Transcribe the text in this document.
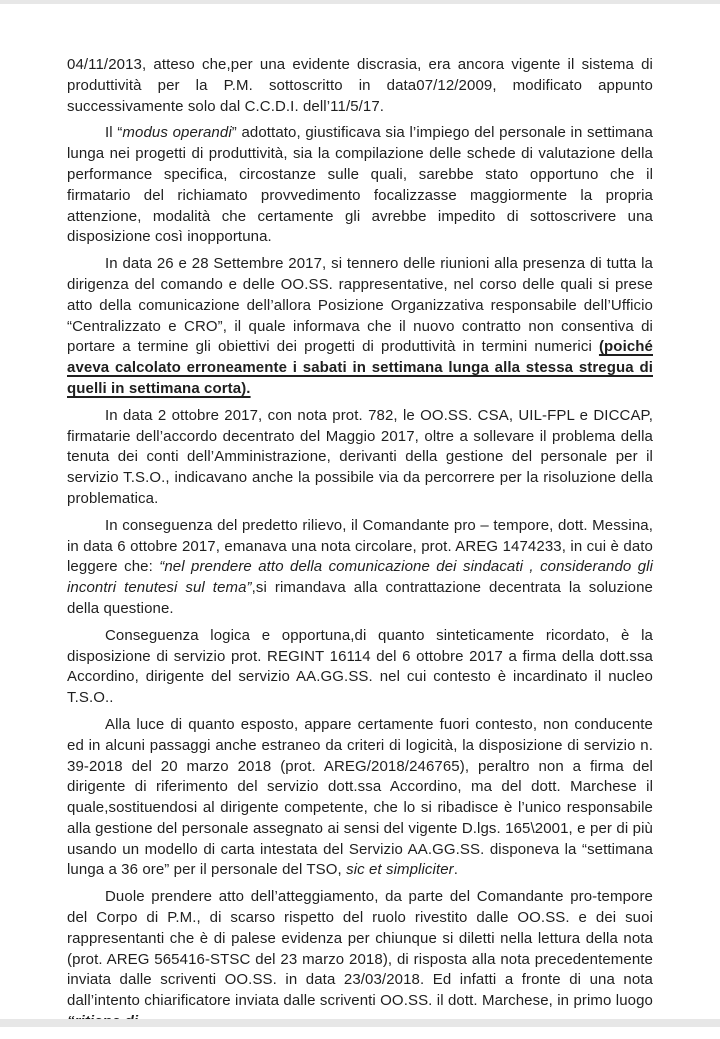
04/11/2013, atteso che,per una evidente discrasia, era ancora vigente il sistema di produttività per la P.M. sottoscritto in data07/12/2009, modificato appunto successivamente solo dal C.C.D.I. dell’11/5/17.

Il “modus operandi” adottato, giustificava sia l’impiego del personale in settimana lunga nei progetti di produttività, sia la compilazione delle schede di valutazione della performance specifica, circostanze sulle quali, sarebbe stato opportuno che il firmatario del richiamato provvedimento focalizzasse maggiormente la propria attenzione, modalità che certamente gli avrebbe impedito di sottoscrivere una disposizione così inopportuna.

In data 26 e 28 Settembre 2017, si tennero delle riunioni alla presenza di tutta la dirigenza del comando e delle OO.SS. rappresentative, nel corso delle quali si prese atto della comunicazione dell’allora Posizione Organizzativa responsabile dell’Ufficio “Centralizzato e CRO”, il quale informava che il nuovo contratto non consentiva di portare a termine gli obiettivi dei progetti di produttività in termini numerici (poiché aveva calcolato erroneamente i sabati in settimana lunga alla stessa stregua di quelli in settimana corta).

In data 2 ottobre 2017, con nota prot. 782, le OO.SS. CSA, UIL-FPL e DICCAP, firmatarie dell’accordo decentrato del Maggio 2017, oltre a sollevare il problema della tenuta dei conti dell’Amministrazione, derivanti della gestione del personale per il servizio T.S.O., indicavano anche la possibile via da percorrere per la risoluzione della problematica.

In conseguenza del predetto rilievo, il Comandante pro – tempore, dott. Messina, in data 6 ottobre 2017, emanava una nota circolare, prot. AREG 1474233, in cui è dato leggere che: “nel prendere atto della comunicazione dei sindacati , considerando gli incontri tenutesi sul tema”,si rimandava alla contrattazione decentrata la soluzione della questione.

Conseguenza logica e opportuna,di quanto sinteticamente ricordato, è la disposizione di servizio prot. REGINT 16114 del 6 ottobre 2017 a firma della dott.ssa Accordino, dirigente del servizio AA.GG.SS. nel cui contesto è incardinato il nucleo T.S.O..

Alla luce di quanto esposto, appare certamente fuori contesto, non conducente ed in alcuni passaggi anche estraneo da criteri di logicità, la disposizione di servizio n. 39-2018 del 20 marzo 2018 (prot. AREG/2018/246765), peraltro non a firma del dirigente di riferimento del servizio dott.ssa Accordino, ma del dott. Marchese il quale,sostituendosi al dirigente competente, che lo si ribadisce è l’unico responsabile alla gestione del personale assegnato ai sensi del vigente D.lgs. 165\2001, e per di più usando un modello di carta intestata del Servizio AA.GG.SS. disponeva la “settimana lunga a 36 ore” per il personale del TSO, sic et simpliciter.

Duole prendere atto dell’atteggiamento, da parte del Comandante pro-tempore del Corpo di P.M., di scarso rispetto del ruolo rivestito dalle OO.SS. e dei suoi rappresentanti che è di palese evidenza per chiunque si diletti nella lettura della nota (prot. AREG 565416-STSC del 23 marzo 2018), di risposta alla nota precedentemente inviata dalle scriventi OO.SS. in data 23/03/2018. Ed infatti a fronte di una nota dall’intento chiarificatore inviata dalle scriventi OO.SS. il dott. Marchese, in primo luogo
